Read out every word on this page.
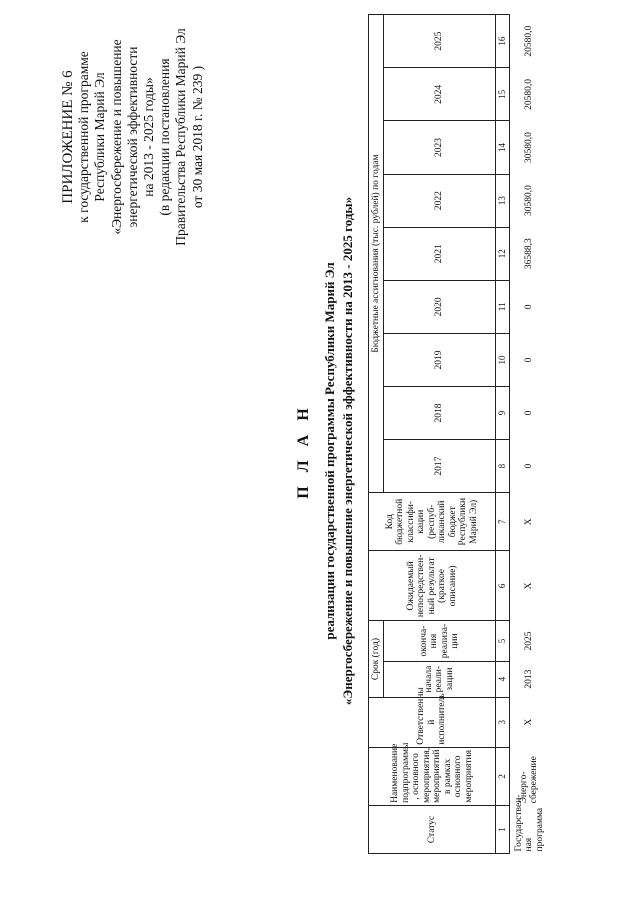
ПРИЛОЖЕНИЕ № 6 к государственной программе Республики Марий Эл «Энергосбережение и повышение энергетической эффективности на 2013 - 2025 годы» (в редакции постановления Правительства Республики Марий Эл от 30 мая 2018 г. № 239 )
П Л А Н реализации государственной программы Республики Марий Эл «Энергосбережение и повышение энергетической эффективности на 2013 - 2025 годы»
Статус	Наименование подпрограммы , основного мероприятия, мероприятий в рамках основного мероприятия	Ответственны й исполнитель	Срок (год)		Ожидаемый непосредствен-ный результат (краткое описание)	Код бюджетной классифи-кации (респуб-ликанский бюджет Республики Марий Эл)	Бюджетные ассигнования (тыс. рублей) по годам								
			начала реали-зации	оконча-ния реализа-ции			2017	2018	2019	2020	2021	2022	2023	2024	2025
1	2	3	4	5	6	7	8	9	10	11	12	13	14	15	16
Государствен-ная программа	Энерго-сбережение	Х	2013	2025	Х	Х	0	0	0	0	36588,3	30580,0	30580,0	20580,0	20580,0
